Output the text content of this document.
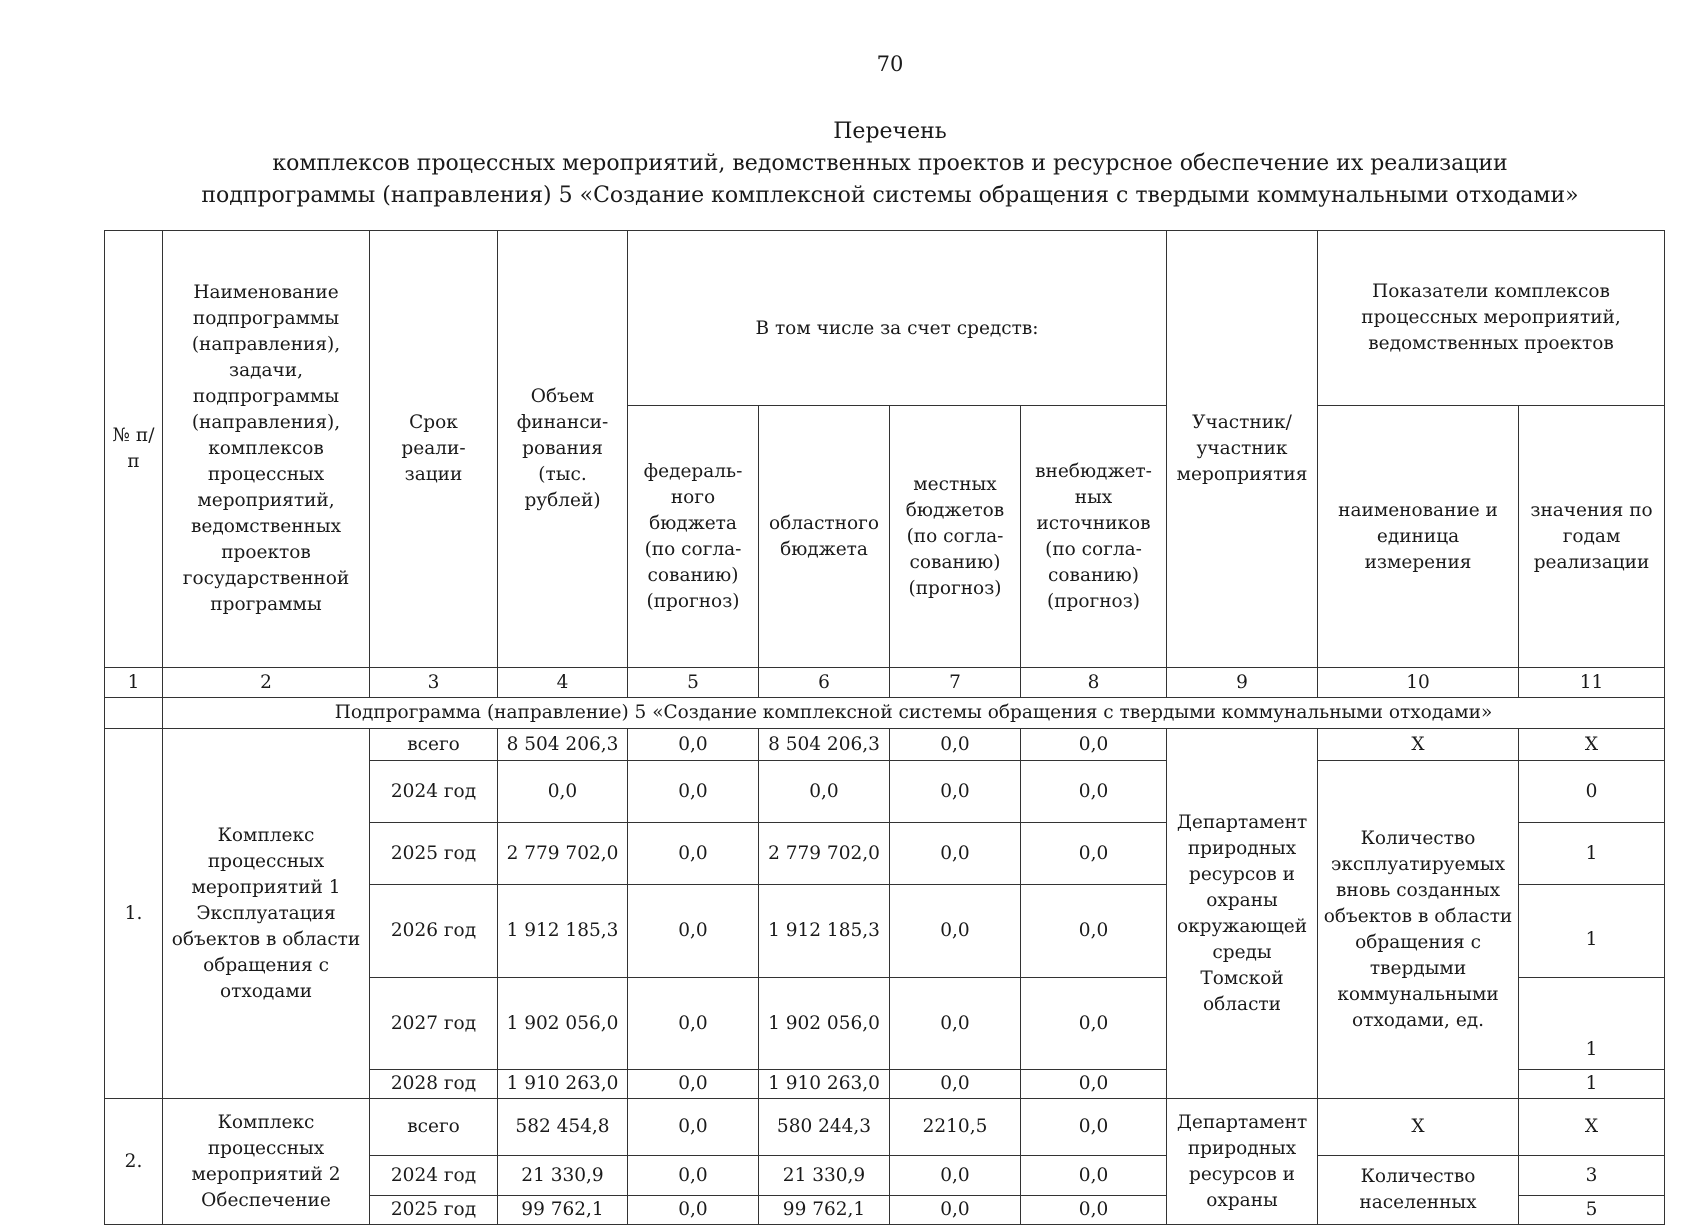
70
Перечень
комплексов процессных мероприятий, ведомственных проектов и ресурсное обеспечение их реализации
подпрограммы (направления) 5 «Создание комплексной системы обращения с твердыми коммунальными отходами»
№ п/п	Наименование подпрограммы (направления), задачи, подпрограммы (направления), комплексов процессных мероприятий, ведомственных проектов государственной программы	Срок реали-зации	Объем финанси-рования (тыс. рублей)	В том числе за счет средств:				Участник/ участник мероприятия	Показатели комплексов процессных мероприятий, ведомственных проектов	
				федераль-ного бюджета (по согла-сованию) (прогноз)	областного бюджета	местных бюджетов (по согла-сованию) (прогноз)	внебюджет-ных источников (по согла-сованию) (прогноз)		наименование и единица измерения	значения по годам реализации
1	2	3	4	5	6	7	8	9	10	11
	Подпрограмма (направление) 5 «Создание комплексной системы обращения с твердыми коммунальными отходами»									
1.	Комплекс процессных мероприятий 1 Эксплуатация объектов в области обращения с отходами	всего	8 504 206,3	0,0	8 504 206,3	0,0	0,0	Департамент природных ресурсов и охраны окружающей среды Томской области	Х	Х
		2024 год	0,0	0,0	0,0	0,0	0,0		Количество эксплуатируемых вновь созданных объектов в области обращения с твердыми коммунальными отходами, ед.	0
		2025 год	2 779 702,0	0,0	2 779 702,0	0,0	0,0			1
		2026 год	1 912 185,3	0,0	1 912 185,3	0,0	0,0			1
		2027 год	1 902 056,0	0,0	1 902 056,0	0,0	0,0			1
		2028 год	1 910 263,0	0,0	1 910 263,0	0,0	0,0			1
2.	Комплекс процессных мероприятий 2 Обеспечение	всего	582 454,8	0,0	580 244,3	2210,5	0,0	Департамент природных ресурсов и охраны	Х	Х
		2024 год	21 330,9	0,0	21 330,9	0,0	0,0		Количество населенных	3
		2025 год	99 762,1	0,0	99 762,1	0,0	0,0			5
